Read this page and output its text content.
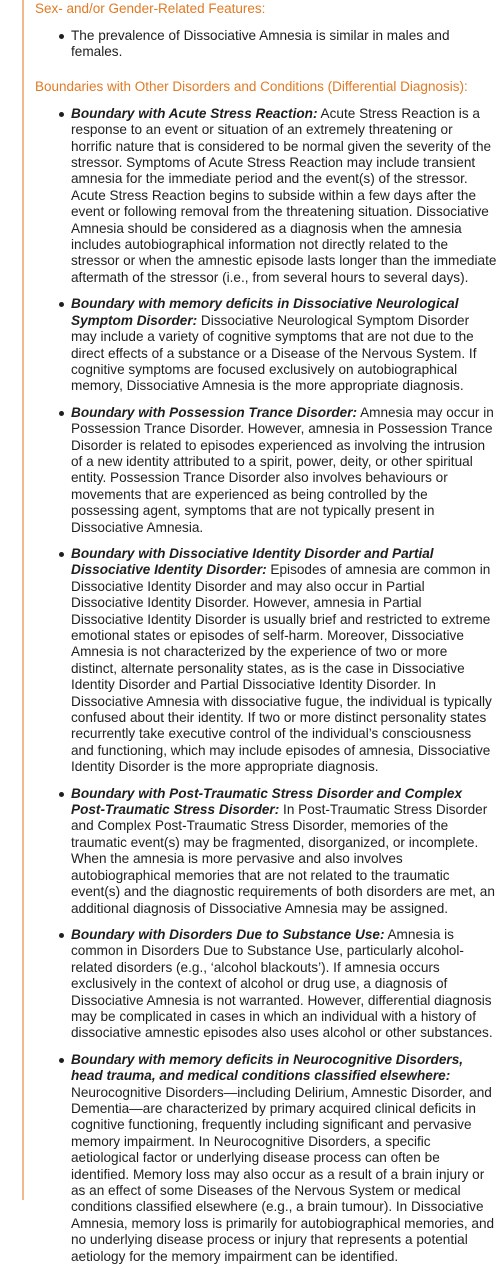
Sex- and/or Gender-Related Features:
The prevalence of Dissociative Amnesia is similar in males and females.
Boundaries with Other Disorders and Conditions (Differential Diagnosis):
Boundary with Acute Stress Reaction: Acute Stress Reaction is a response to an event or situation of an extremely threatening or horrific nature that is considered to be normal given the severity of the stressor. Symptoms of Acute Stress Reaction may include transient amnesia for the immediate period and the event(s) of the stressor. Acute Stress Reaction begins to subside within a few days after the event or following removal from the threatening situation. Dissociative Amnesia should be considered as a diagnosis when the amnesia includes autobiographical information not directly related to the stressor or when the amnestic episode lasts longer than the immediate aftermath of the stressor (i.e., from several hours to several days).
Boundary with memory deficits in Dissociative Neurological Symptom Disorder: Dissociative Neurological Symptom Disorder may include a variety of cognitive symptoms that are not due to the direct effects of a substance or a Disease of the Nervous System. If cognitive symptoms are focused exclusively on autobiographical memory, Dissociative Amnesia is the more appropriate diagnosis.
Boundary with Possession Trance Disorder: Amnesia may occur in Possession Trance Disorder. However, amnesia in Possession Trance Disorder is related to episodes experienced as involving the intrusion of a new identity attributed to a spirit, power, deity, or other spiritual entity. Possession Trance Disorder also involves behaviours or movements that are experienced as being controlled by the possessing agent, symptoms that are not typically present in Dissociative Amnesia.
Boundary with Dissociative Identity Disorder and Partial Dissociative Identity Disorder: Episodes of amnesia are common in Dissociative Identity Disorder and may also occur in Partial Dissociative Identity Disorder. However, amnesia in Partial Dissociative Identity Disorder is usually brief and restricted to extreme emotional states or episodes of self-harm. Moreover, Dissociative Amnesia is not characterized by the experience of two or more distinct, alternate personality states, as is the case in Dissociative Identity Disorder and Partial Dissociative Identity Disorder. In Dissociative Amnesia with dissociative fugue, the individual is typically confused about their identity. If two or more distinct personality states recurrently take executive control of the individual’s consciousness and functioning, which may include episodes of amnesia, Dissociative Identity Disorder is the more appropriate diagnosis.
Boundary with Post-Traumatic Stress Disorder and Complex Post-Traumatic Stress Disorder: In Post-Traumatic Stress Disorder and Complex Post-Traumatic Stress Disorder, memories of the traumatic event(s) may be fragmented, disorganized, or incomplete. When the amnesia is more pervasive and also involves autobiographical memories that are not related to the traumatic event(s) and the diagnostic requirements of both disorders are met, an additional diagnosis of Dissociative Amnesia may be assigned.
Boundary with Disorders Due to Substance Use: Amnesia is common in Disorders Due to Substance Use, particularly alcohol-related disorders (e.g., ‘alcohol blackouts’). If amnesia occurs exclusively in the context of alcohol or drug use, a diagnosis of Dissociative Amnesia is not warranted. However, differential diagnosis may be complicated in cases in which an individual with a history of dissociative amnestic episodes also uses alcohol or other substances.
Boundary with memory deficits in Neurocognitive Disorders, head trauma, and medical conditions classified elsewhere: Neurocognitive Disorders—including Delirium, Amnestic Disorder, and Dementia—are characterized by primary acquired clinical deficits in cognitive functioning, frequently including significant and pervasive memory impairment. In Neurocognitive Disorders, a specific aetiological factor or underlying disease process can often be identified. Memory loss may also occur as a result of a brain injury or as an effect of some Diseases of the Nervous System or medical conditions classified elsewhere (e.g., a brain tumour). In Dissociative Amnesia, memory loss is primarily for autobiographical memories, and no underlying disease process or injury that represents a potential aetiology for the memory impairment can be identified.
